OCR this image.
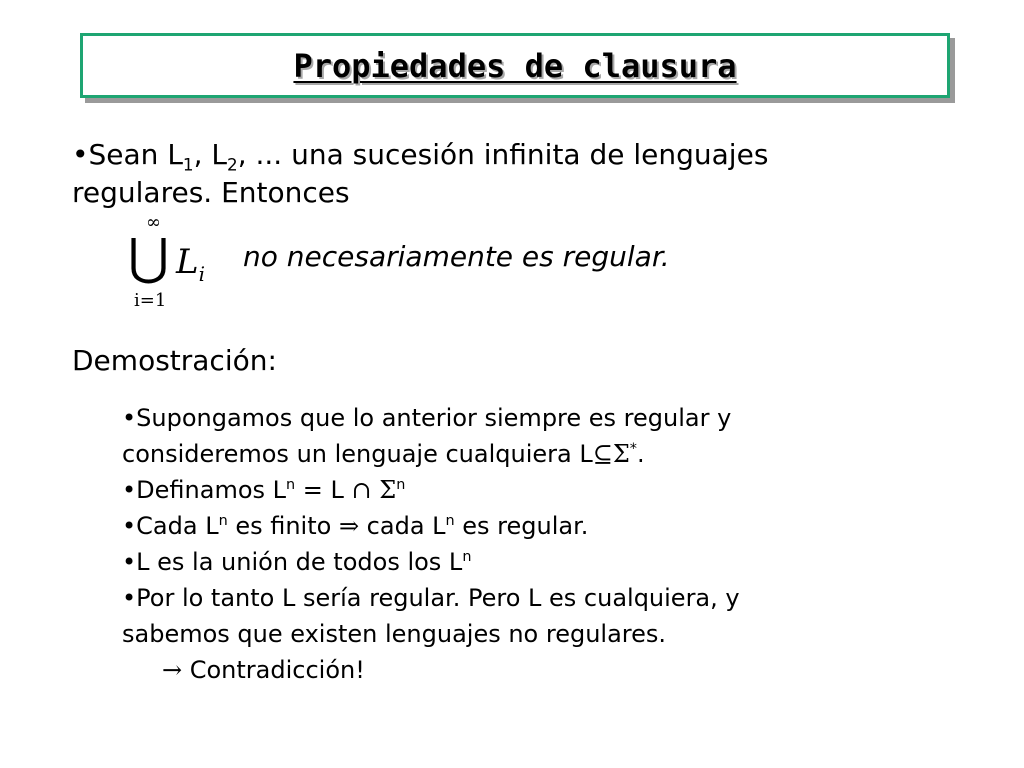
Propiedades de clausura
•Sean $L_1$, $L_2$, ... una sucesión infinita de lenguajes
regulares. Entonces
∞
⋃ $L_i$
i=1
no necesariamente es regular.
Demostración:
•Supongamos que lo anterior siempre es regular y
consideremos un lenguaje cualquiera L⊆Σ*.
•Definamos $L^n = L$ ∩ $\Sigma^n$
•Cada $L^n$ es finito ⇒ cada $L^n$ es regular.
•L es la unión de todos los $L^n$
•Por lo tanto L sería regular. Pero L es cualquiera, y
sabemos que existen lenguajes no regulares.
→ Contradicción!
